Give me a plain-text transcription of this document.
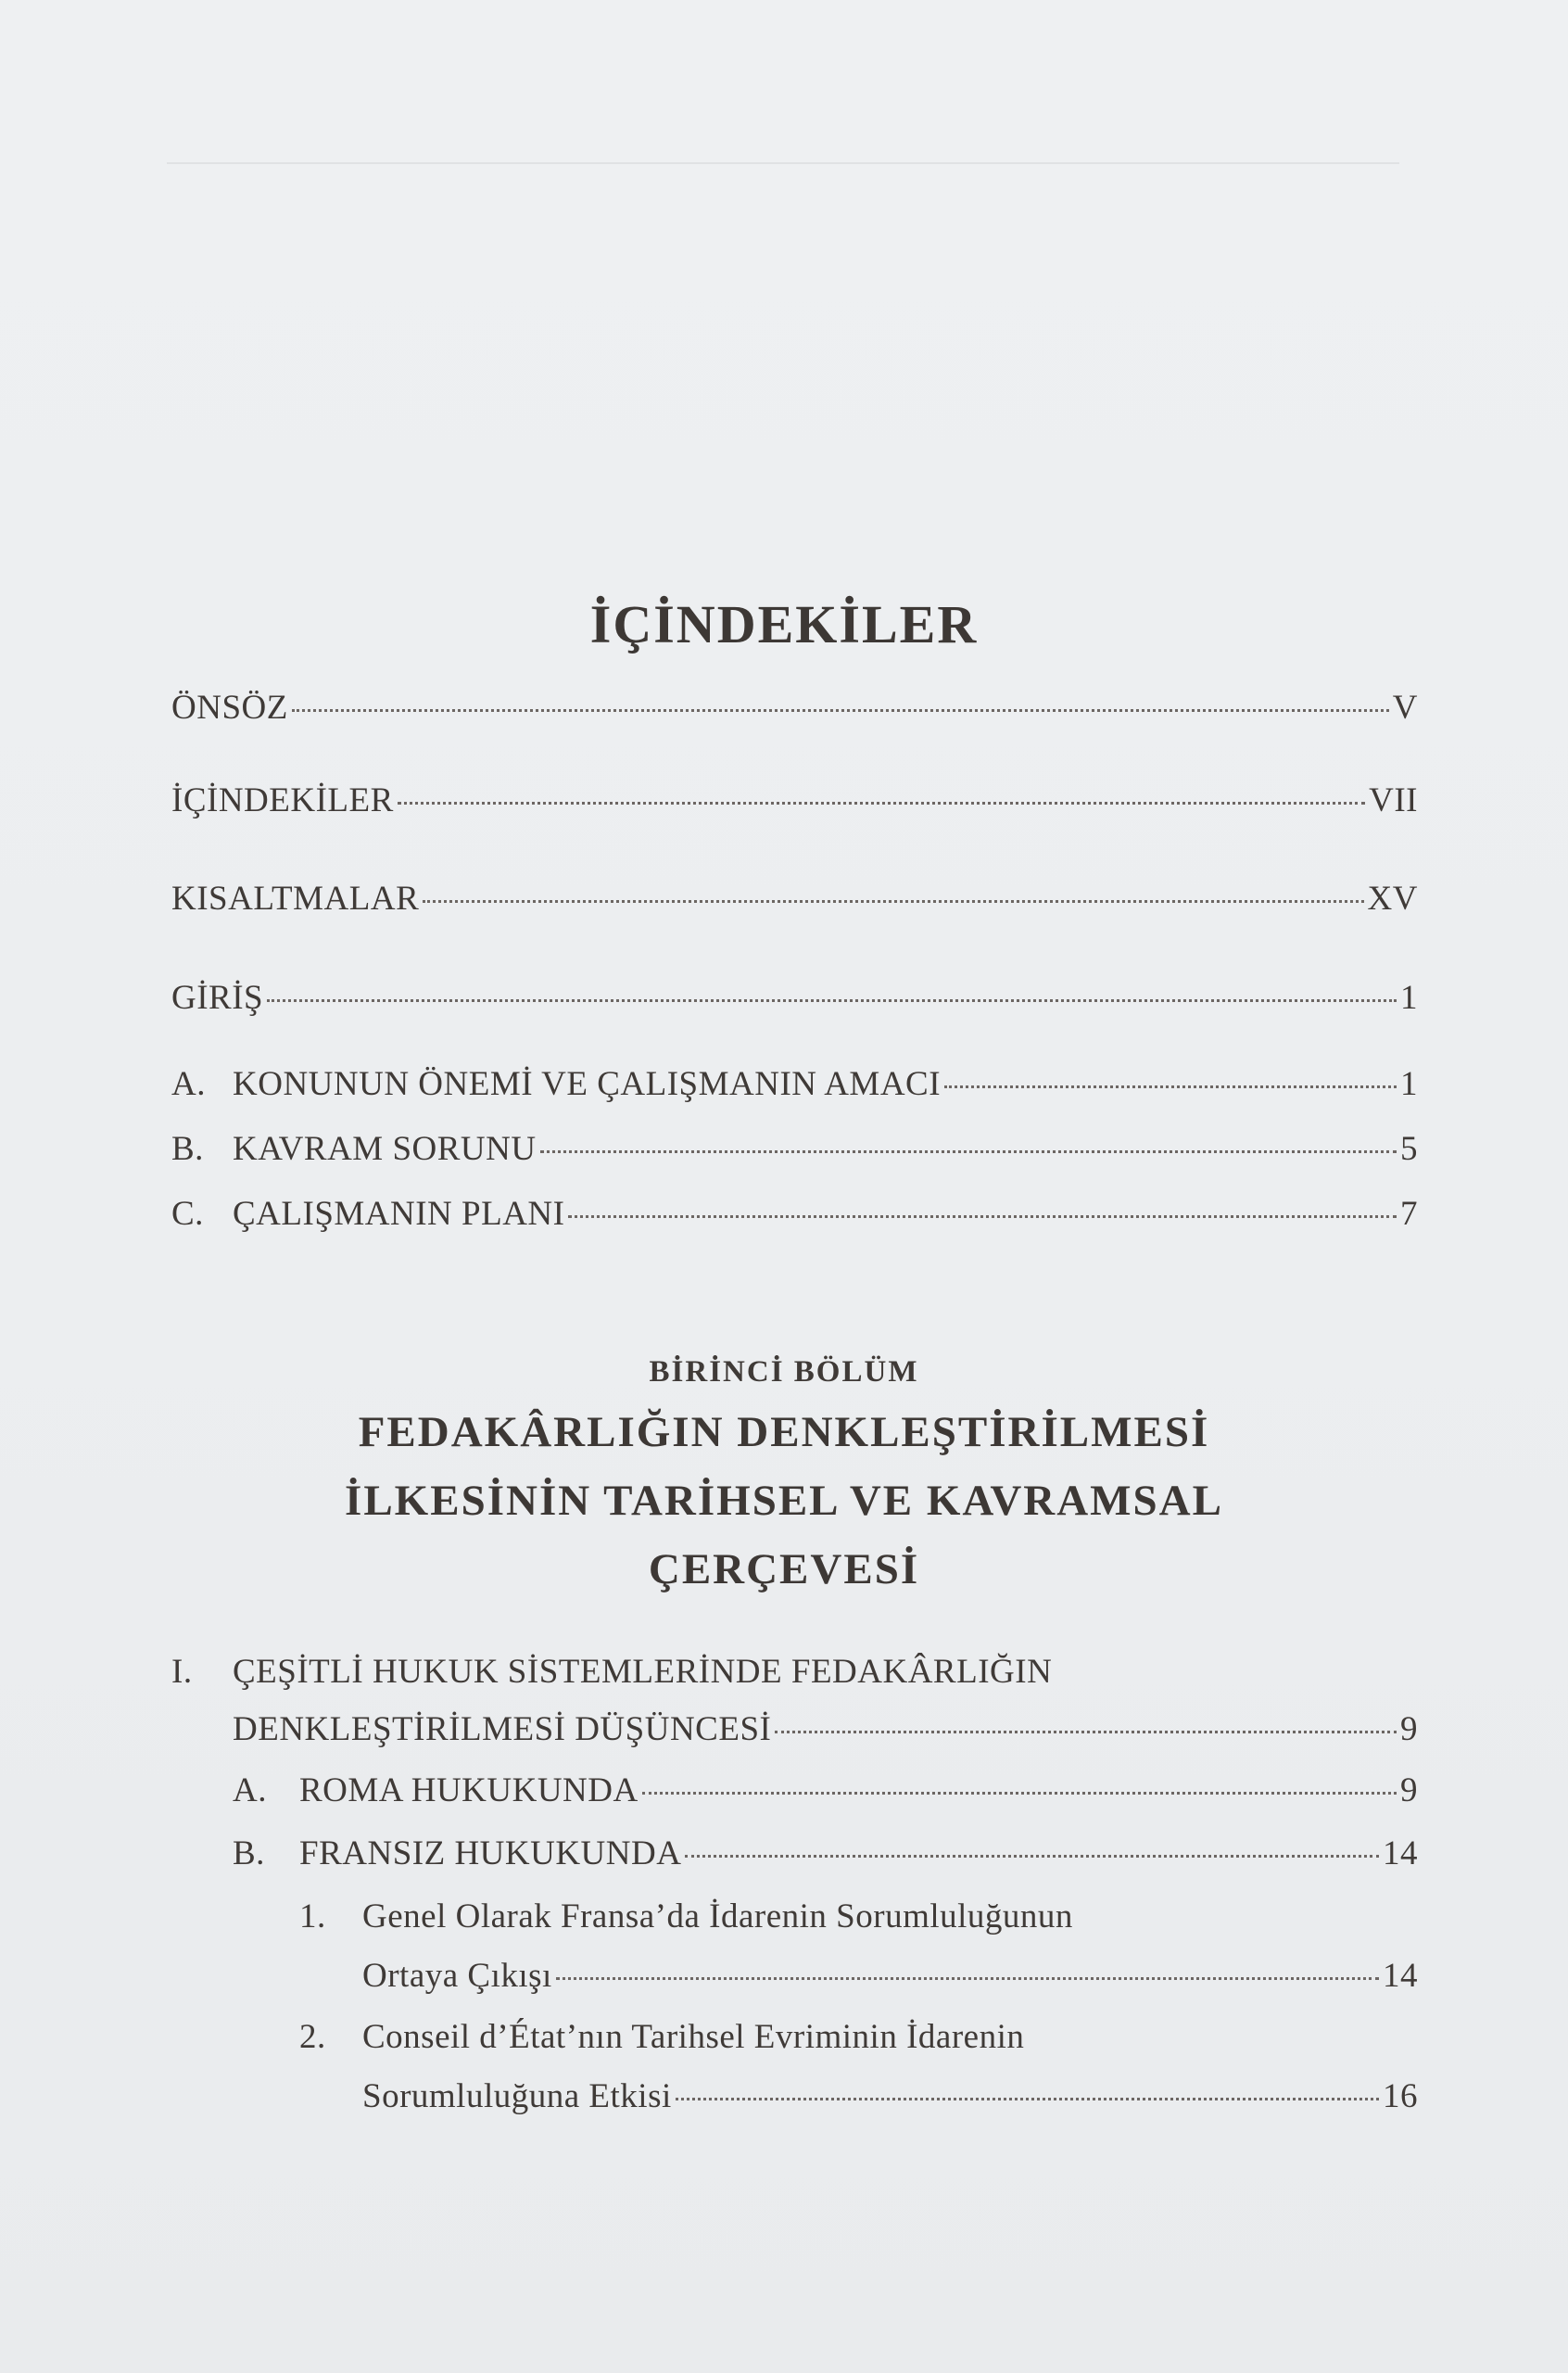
İÇİNDEKİLER
ÖNSÖZ	V
İÇİNDEKİLER	VII
KISALTMALAR	XV
GİRİŞ	1
A. KONUNUN ÖNEMİ VE ÇALIŞMANIN AMACI	1
B. KAVRAM SORUNU	5
C. ÇALIŞMANIN PLANI	7
BİRİNCİ BÖLÜM
FEDAKÂRLIĞIN DENKLEŞTİRİLMESİ
İLKESİNİN TARİHSEL VE KAVRAMSAL
ÇERÇEVESİ
I.	ÇEŞİTLİ HUKUK SİSTEMLERİNDE FEDAKÂRLIĞIN
DENKLEŞTİRİLMESİ DÜŞÜNCESİ	9
A. ROMA HUKUKUNDA	9
B.	FRANSIZ HUKUKUNDA	14
1.	Genel Olarak Fransa’da İdarenin Sorumluluğunun
Ortaya Çıkışı	14
2.	Conseil d’État’nın Tarihsel Evriminin İdarenin
Sorumluluğuna Etkisi	16
